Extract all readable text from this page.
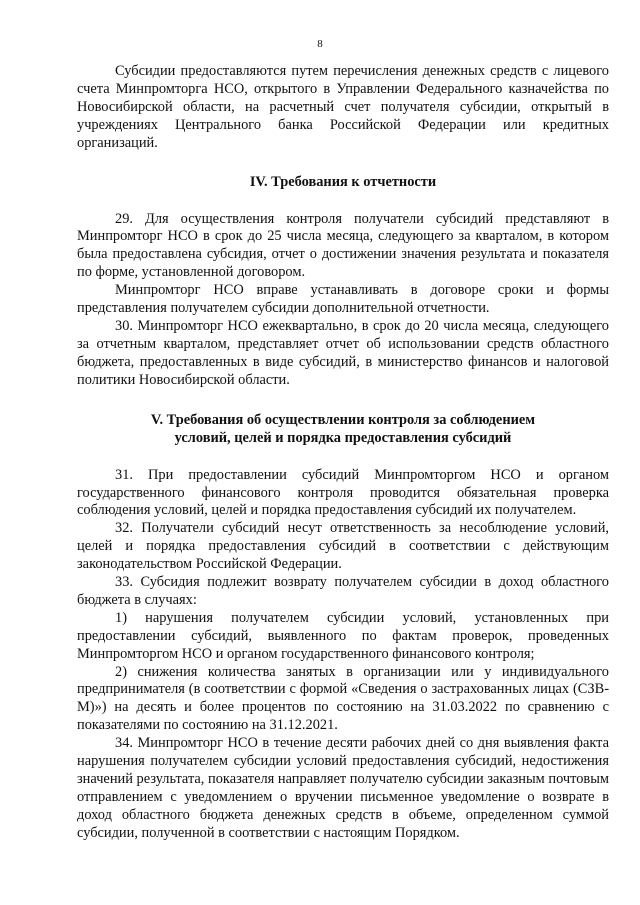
8

Субсидии предоставляются путем перечисления денежных средств с лицевого счета Минпромторга НСО, открытого в Управлении Федерального казначейства по Новосибирской области, на расчетный счет получателя субсидии, открытый в учреждениях Центрального банка Российской Федерации или кредитных организаций.

IV. Требования к отчетности

29. Для осуществления контроля получатели субсидий представляют в Минпромторг НСО в срок до 25 числа месяца, следующего за кварталом, в котором была предоставлена субсидия, отчет о достижении значения результата и показателя по форме, установленной договором.

Минпромторг НСО вправе устанавливать в договоре сроки и формы представления получателем субсидии дополнительной отчетности.

30. Минпромторг НСО ежеквартально, в срок до 20 числа месяца, следующего за отчетным кварталом, представляет отчет об использовании средств областного бюджета, предоставленных в виде субсидий, в министерство финансов и налоговой политики Новосибирской области.

V. Требования об осуществлении контроля за соблюдением
условий, целей и порядка предоставления субсидий

31. При предоставлении субсидий Минпромторгом НСО и органом государственного финансового контроля проводится обязательная проверка соблюдения условий, целей и порядка предоставления субсидий их получателем.

32. Получатели субсидий несут ответственность за несоблюдение условий, целей и порядка предоставления субсидий в соответствии с действующим законодательством Российской Федерации.

33. Субсидия подлежит возврату получателем субсидии в доход областного бюджета в случаях:

1) нарушения получателем субсидии условий, установленных при предоставлении субсидий, выявленного по фактам проверок, проведенных Минпромторгом НСО и органом государственного финансового контроля;

2) снижения количества занятых в организации или у индивидуального предпринимателя (в соответствии с формой «Сведения о застрахованных лицах (СЗВ-М)») на десять и более процентов по состоянию на 31.03.2022 по сравнению с показателями по состоянию на 31.12.2021.

34. Минпромторг НСО в течение десяти рабочих дней со дня выявления факта нарушения получателем субсидии условий предоставления субсидий, недостижения значений результата, показателя направляет получателю субсидии заказным почтовым отправлением с уведомлением о вручении письменное уведомление о возврате в доход областного бюджета денежных средств в объеме, определенном суммой субсидии, полученной в соответствии с настоящим Порядком.
